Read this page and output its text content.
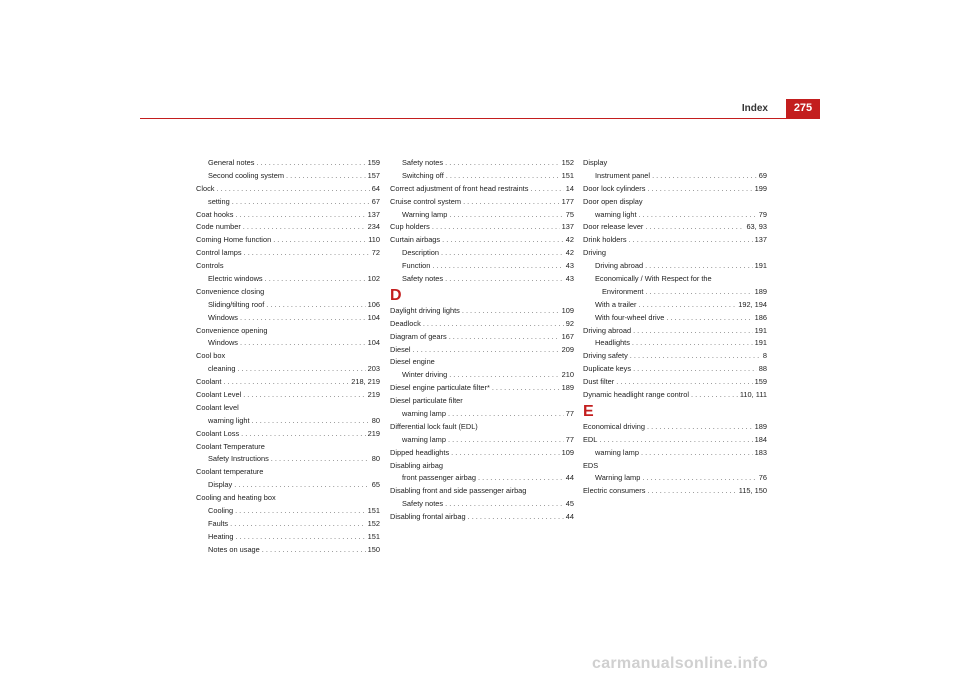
Index	275
General notes . . .	159
Second cooling system . . .	157
Clock . . .	64
setting . . .	67
Coat hooks . . .	137
Code number . . .	234
Coming Home function . . .	110
Control lamps . . .	72
Controls
Electric windows . . .	102
Convenience closing
Sliding/tilting roof . . .	106
Windows . . .	104
Convenience opening
Windows . . .	104
Cool box
cleaning . . .	203
Coolant . . .	218, 219
Coolant Level . . .	219
Coolant level
warning light . . .	80
Coolant Loss . . .	219
Coolant Temperature
Safety Instructions . . .	80
Coolant temperature
Display . . .	65
Cooling and heating box
Cooling . . .	151
Faults . . .	152
Heating . . .	151
Notes on usage . . .	150
Safety notes . . .	152
Switching off . . .	151
Correct adjustment of front head restraints . . .	14
Cruise control system . . .	177
Warning lamp . . .	75
Cup holders . . .	137
Curtain airbags . . .	42
Description . . .	42
Function . . .	43
Safety notes . . .	43
D
Daylight driving lights . . .	109
Deadlock . . .	92
Diagram of gears . . .	167
Diesel . . .	209
Diesel engine
Winter driving . . .	210
Diesel engine particulate filter* . . .	189
Diesel particulate filter
warning lamp . . .	77
Differential lock fault (EDL)
warning lamp . . .	77
Dipped headlights . . .	109
Disabling airbag
front passenger airbag . . .	44
Disabling front and side passenger airbag
Safety notes . . .	45
Disabling frontal airbag . . .	44
Display
Instrument panel . . .	69
Door lock cylinders . . .	199
Door open display
warning light . . .	79
Door release lever . . .	63, 93
Drink holders . . .	137
Driving
Driving abroad . . .	191
Economically / With Respect for the
Environment . . .	189
With a trailer . . .	192, 194
With four-wheel drive . . .	186
Driving abroad . . .	191
Headlights . . .	191
Driving safety . . .	8
Duplicate keys . . .	88
Dust filter . . .	159
Dynamic headlight range control . . .	110, 111
E
Economical driving . . .	189
EDL . . .	184
warning lamp . . .	183
EDS
Warning lamp . . .	76
Electric consumers . . .	115, 150
carmanualsonline.info
